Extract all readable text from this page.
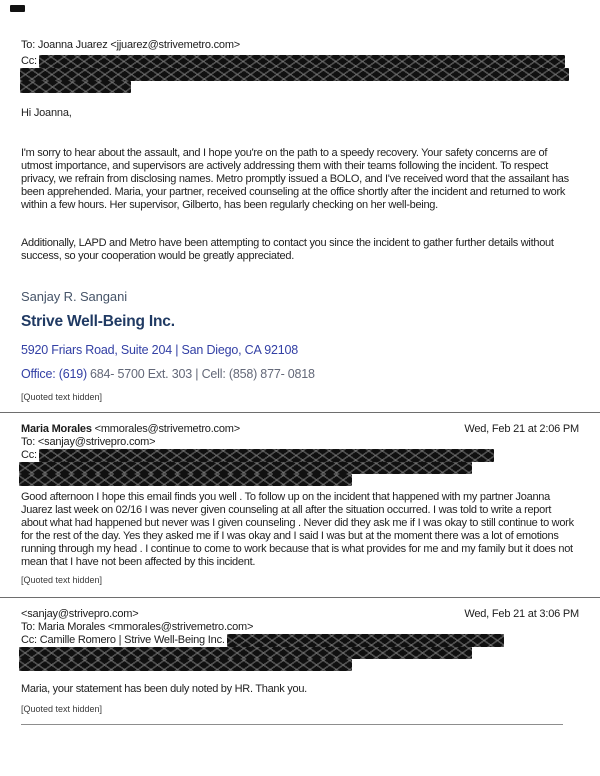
To: Joanna Juarez <jjuarez@strivemetro.com>
Cc:
Hi Joanna,
I'm sorry to hear about the assault, and I hope you're on the path to a speedy recovery. Your safety concerns are of utmost importance, and supervisors are actively addressing them with their teams following the incident. To respect privacy, we refrain from disclosing names. Metro promptly issued a BOLO, and I've received word that the assailant has been apprehended. Maria, your partner, received counseling at the office shortly after the incident and returned to work within a few hours. Her supervisor, Gilberto, has been regularly checking on her well-being.
Additionally, LAPD and Metro have been attempting to contact you since the incident to gather further details without success, so your cooperation would be greatly appreciated.
Sanjay R. Sangani
Strive Well-Being Inc.
5920 Friars Road, Suite 204 | San Diego, CA 92108
Office: (619) 684- 5700 Ext. 303 | Cell: (858) 877- 0818
[Quoted text hidden]
Maria Morales <mmorales@strivemetro.com>	Wed, Feb 21 at 2:06 PM
To: <sanjay@strivepro.com>
Cc:
Good afternoon I hope this email finds you well . To follow up on the incident that happened with my partner Joanna Juarez last week on 02/16 I was never given counseling at all after the situation occurred. I was told to write a report about what had happened but never was I given counseling . Never did they ask me if I was okay to still continue to work for the rest of the day. Yes they asked me if I was okay and I said I was but at the moment there was a lot of emotions running through my head . I continue to come to work because that is what provides for me and my family but it does not mean that I have not been affected by this incident.
[Quoted text hidden]
<sanjay@strivepro.com>	Wed, Feb 21 at 3:06 PM
To: Maria Morales <mmorales@strivemetro.com>
Cc: Camille Romero | Strive Well-Being Inc.
Maria, your statement has been duly noted by HR. Thank you.
[Quoted text hidden]
